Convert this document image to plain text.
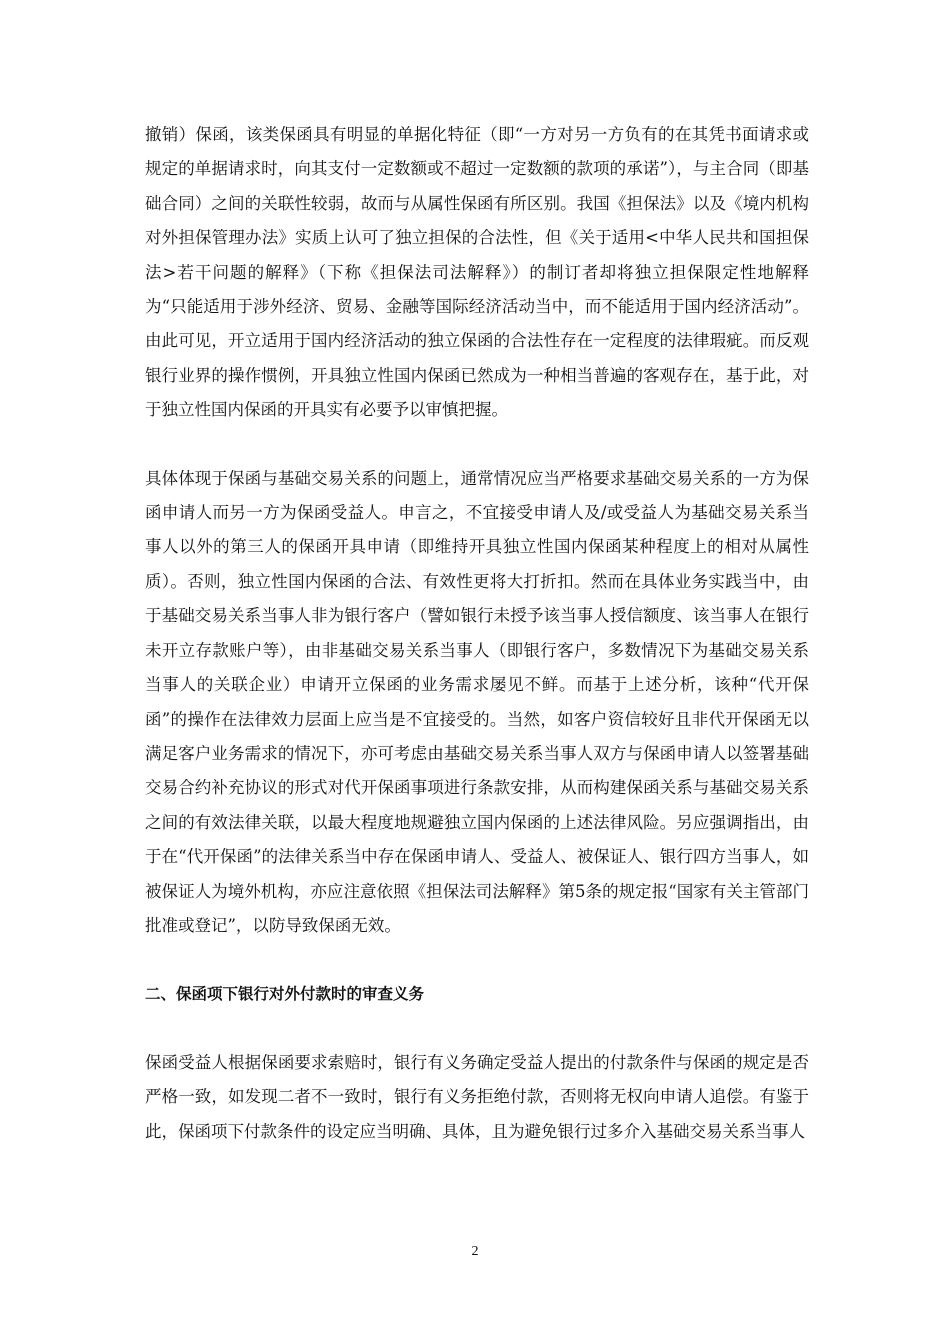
撤销）保函，该类保函具有明显的单据化特征（即“一方对另一方负有的在其凭书面请求或规定的单据请求时，向其支付一定数额或不超过一定数额的款项的承诺”），与主合同（即基础合同）之间的关联性较弱，故而与从属性保函有所区别。我国《担保法》以及《境内机构对外担保管理办法》实质上认可了独立担保的合法性，但《关于适用<中华人民共和国担保法>若干问题的解释》（下称《担保法司法解释》）的制订者却将独立担保限定性地解释为“只能适用于涉外经济、贸易、金融等国际经济活动当中，而不能适用于国内经济活动”。由此可见，开立适用于国内经济活动的独立保函的合法性存在一定程度的法律瑕疵。而反观银行业界的操作惯例，开具独立性国内保函已然成为一种相当普遍的客观存在，基于此，对于独立性国内保函的开具实有必要予以审慎把握。

具体体现于保函与基础交易关系的问题上，通常情况应当严格要求基础交易关系的一方为保函申请人而另一方为保函受益人。申言之，不宜接受申请人及/或受益人为基础交易关系当事人以外的第三人的保函开具申请（即维持开具独立性国内保函某种程度上的相对从属性质）。否则，独立性国内保函的合法、有效性更将大打折扣。然而在具体业务实践当中，由于基础交易关系当事人非为银行客户（譬如银行未授予该当事人授信额度、该当事人在银行未开立存款账户等），由非基础交易关系当事人（即银行客户，多数情况下为基础交易关系当事人的关联企业）申请开立保函的业务需求屡见不鲜。而基于上述分析，该种“代开保函”的操作在法律效力层面上应当是不宜接受的。当然，如客户资信较好且非代开保函无以满足客户业务需求的情况下，亦可考虑由基础交易关系当事人双方与保函申请人以签署基础交易合约补充协议的形式对代开保函事项进行条款安排，从而构建保函关系与基础交易关系之间的有效法律关联，以最大程度地规避独立国内保函的上述法律风险。另应强调指出，由于在“代开保函”的法律关系当中存在保函申请人、受益人、被保证人、银行四方当事人，如被保证人为境外机构，亦应注意依照《担保法司法解释》第5条的规定报“国家有关主管部门批准或登记”，以防导致保函无效。

二、保函项下银行对外付款时的审查义务

保函受益人根据保函要求索赔时，银行有义务确定受益人提出的付款条件与保函的规定是否严格一致，如发现二者不一致时，银行有义务拒绝付款，否则将无权向申请人追偿。有鉴于此，保函项下付款条件的设定应当明确、具体，且为避免银行过多介入基础交易关系当事人

2
